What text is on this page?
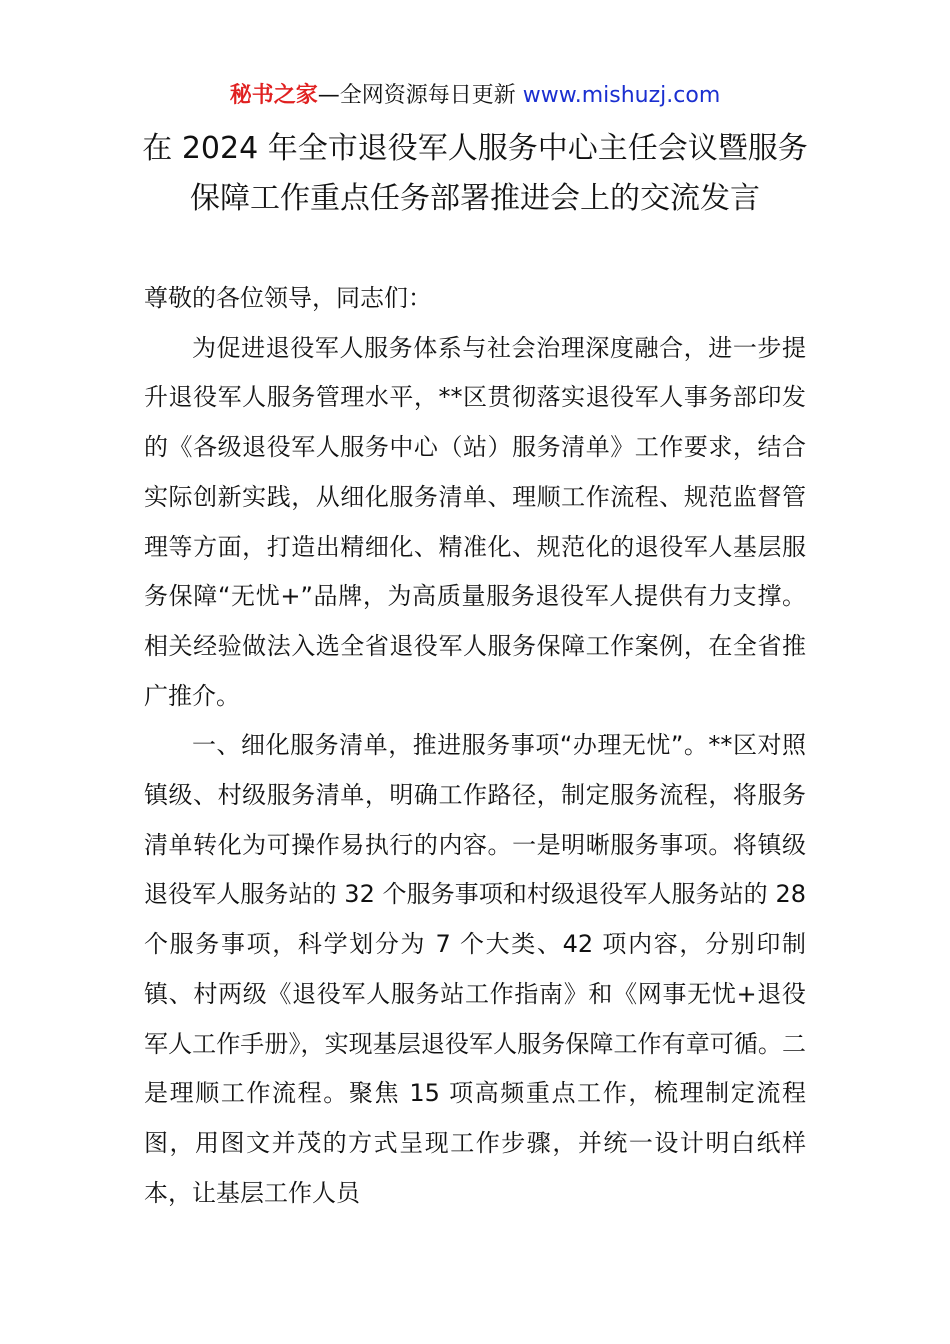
秘书之家—全网资源每日更新 www.mishuzj.com
在 2024 年全市退役军人服务中心主任会议暨服务保障工作重点任务部署推进会上的交流发言

尊敬的各位领导，同志们：

为促进退役军人服务体系与社会治理深度融合，进一步提升退役军人服务管理水平，**区贯彻落实退役军人事务部印发的《各级退役军人服务中心（站）服务清单》工作要求，结合实际创新实践，从细化服务清单、理顺工作流程、规范监督管理等方面，打造出精细化、精准化、规范化的退役军人基层服务保障“无忧+”品牌，为高质量服务退役军人提供有力支撑。相关经验做法入选全省退役军人服务保障工作案例，在全省推广推介。

一、细化服务清单，推进服务事项“办理无忧”。**区对照镇级、村级服务清单，明确工作路径，制定服务流程，将服务清单转化为可操作易执行的内容。一是明晰服务事项。将镇级退役军人服务站的 32 个服务事项和村级退役军人服务站的 28 个服务事项，科学划分为 7 个大类、42 项内容，分别印制镇、村两级《退役军人服务站工作指南》和《网事无忧+退役军人工作手册》，实现基层退役军人服务保障工作有章可循。二是理顺工作流程。聚焦 15 项高频重点工作，梳理制定流程图，用图文并茂的方式呈现工作步骤，并统一设计明白纸样本，让基层工作人员
